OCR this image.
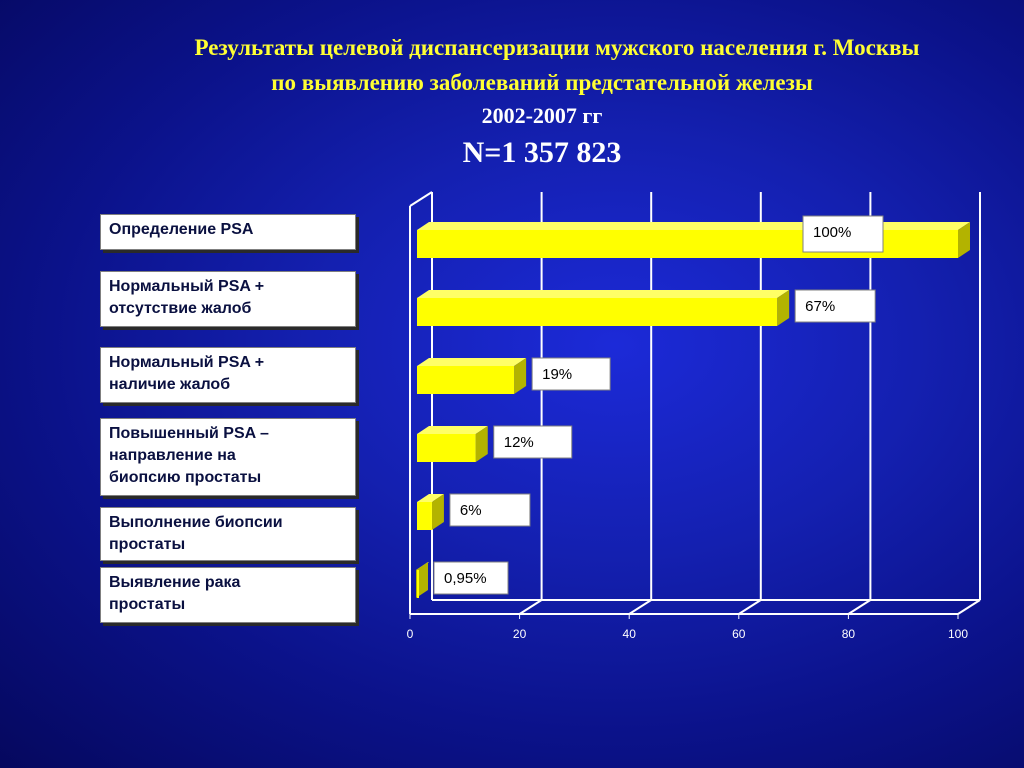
Результаты целевой диспансеризации мужского населения г. Москвы
по выявлению заболеваний предстательной железы
2002-2007 гг
N=1 357 823
Определение PSA
Нормальный PSA +
отсутствие жалоб
Нормальный PSA +
наличие жалоб
Повышенный PSA –
направление на
биопсию простаты
Выполнение биопсии
простаты
Выявление рака
простаты
0	20	40	60	80	100
100%
67%
19%
12%
6%
0,95%
